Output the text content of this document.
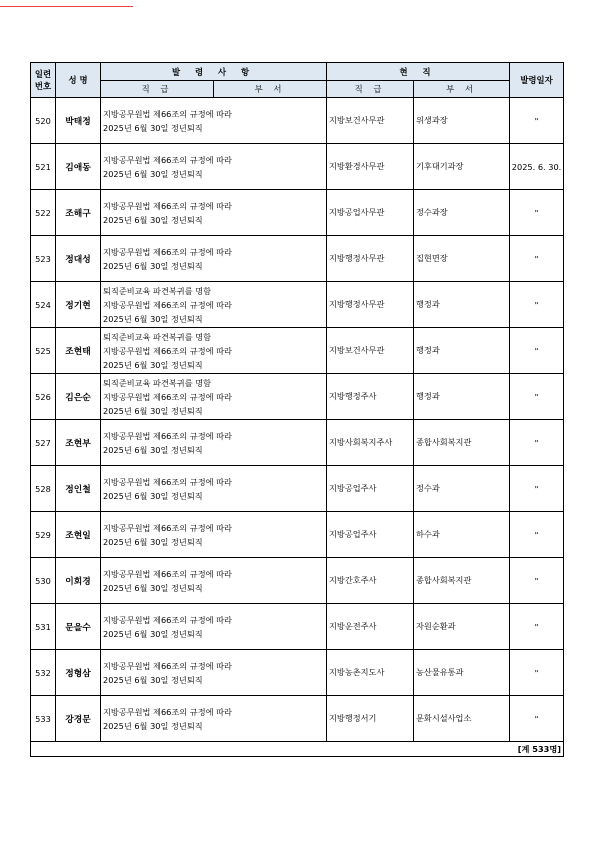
일련
번호	성 명	발 령 사 항		현 직		발령일자
		직 급	부 서	직 급	부 서	
520	박태정	지방공무원법 제66조의 규정에 따라
2025년 6월 30일 정년퇴직		지방보건사무관	위생과장	"
521	김애동	지방공무원법 제66조의 규정에 따라
2025년 6월 30일 정년퇴직		지방환경사무관	기후대기과장	2025. 6. 30.
522	조해구	지방공무원법 제66조의 규정에 따라
2025년 6월 30일 정년퇴직		지방공업사무관	정수과장	"
523	정대성	지방공무원법 제66조의 규정에 따라
2025년 6월 30일 정년퇴직		지방행정사무관	집현면장	"
524	정기현	퇴직준비교육 파견복귀를 명함
지방공무원법 제66조의 규정에 따라
2025년 6월 30일 정년퇴직		지방행정사무관	행정과	"
525	조현태	퇴직준비교육 파견복귀를 명함
지방공무원법 제66조의 규정에 따라
2025년 6월 30일 정년퇴직		지방보건사무관	행정과	"
526	김은순	퇴직준비교육 파견복귀를 명함
지방공무원법 제66조의 규정에 따라
2025년 6월 30일 정년퇴직		지방행정주사	행정과	"
527	조현부	지방공무원법 제66조의 규정에 따라
2025년 6월 30일 정년퇴직		지방사회복지주사	종합사회복지관	"
528	정인철	지방공무원법 제66조의 규정에 따라
2025년 6월 30일 정년퇴직		지방공업주사	정수과	"
529	조현일	지방공무원법 제66조의 규정에 따라
2025년 6월 30일 정년퇴직		지방공업주사	하수과	"
530	이회경	지방공무원법 제66조의 규정에 따라
2025년 6월 30일 정년퇴직		지방간호주사	종합사회복지관	"
531	문을수	지방공무원법 제66조의 규정에 따라
2025년 6월 30일 정년퇴직		지방운전주사	자원순환과	"
532	정형삼	지방공무원법 제66조의 규정에 따라
2025년 6월 30일 정년퇴직		지방농촌지도사	농산물유통과	"
533	강경문	지방공무원법 제66조의 규정에 따라
2025년 6월 30일 정년퇴직		지방행정서기	문화시설사업소	"
[계 533명]						
